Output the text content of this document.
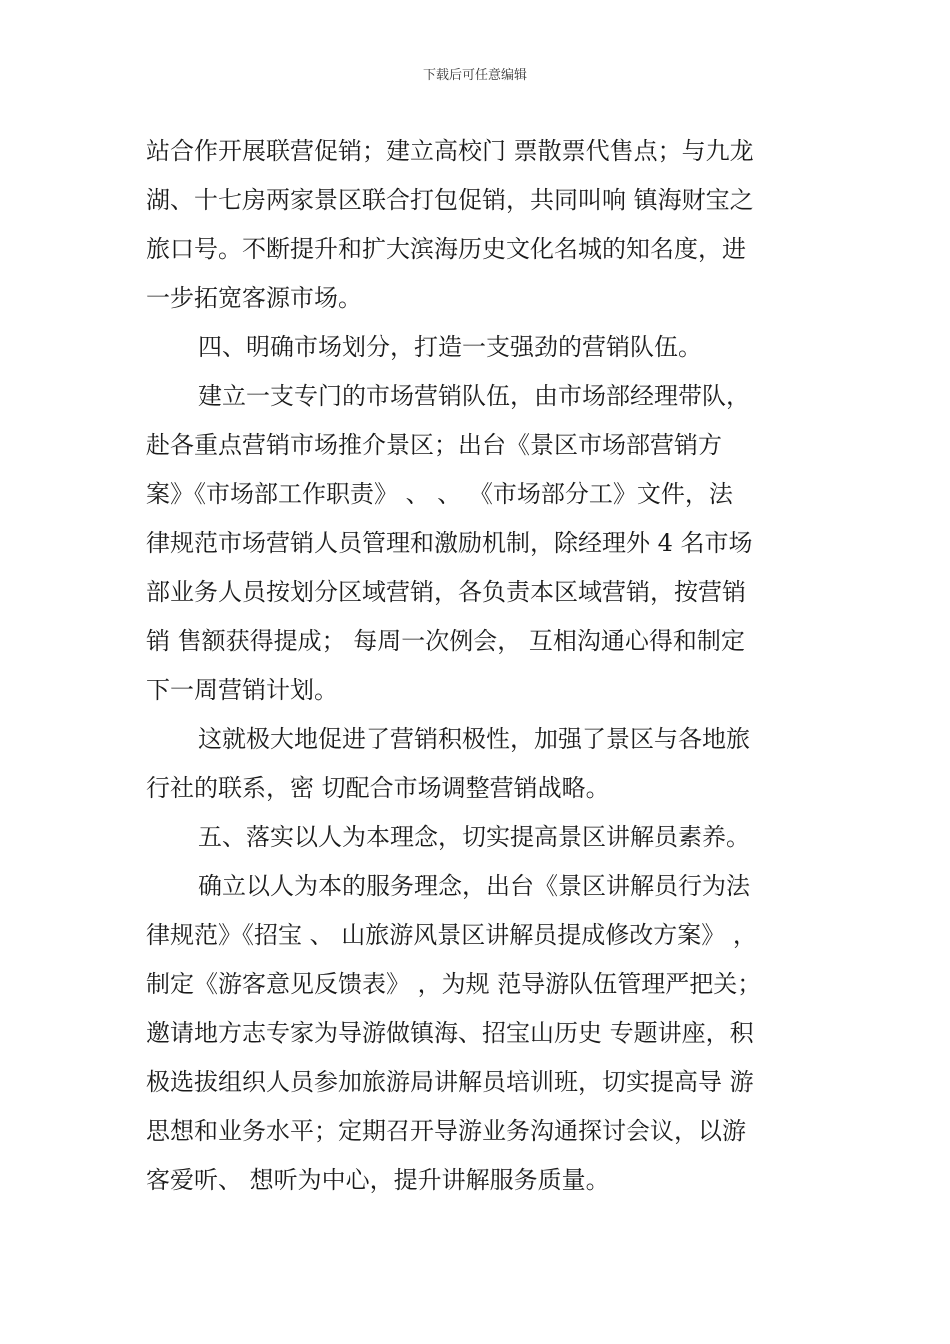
下载后可任意编辑
站合作开展联营促销；建立高校门 票散票代售点；与九龙
湖、十七房两家景区联合打包促销，共同叫响 镇海财宝之
旅口号。不断提升和扩大滨海历史文化名城的知名度，进
一步拓宽客源市场。
四、明确市场划分，打造一支强劲的营销队伍。
建立一支专门的市场营销队伍，由市场部经理带队，
赴各重点营销市场推介景区；出台《景区市场部营销方
案》《市场部工作职责》 、 、 《市场部分工》文件，法
律规范市场营销人员管理和激励机制，除经理外 4 名市场
部业务人员按划分区域营销，各负责本区域营销，按营销
销 售额获得提成； 每周一次例会， 互相沟通心得和制定
下一周营销计划。
这就极大地促进了营销积极性，加强了景区与各地旅
行社的联系，密 切配合市场调整营销战略。
五、落实以人为本理念，切实提高景区讲解员素养。
确立以人为本的服务理念，出台《景区讲解员行为法
律规范》《招宝 、 山旅游风景区讲解员提成修改方案》 ，
制定《游客意见反馈表》 ，为规 范导游队伍管理严把关；
邀请地方志专家为导游做镇海、招宝山历史 专题讲座，积
极选拔组织人员参加旅游局讲解员培训班，切实提高导 游
思想和业务水平；定期召开导游业务沟通探讨会议，以游
客爱听、 想听为中心，提升讲解服务质量。
